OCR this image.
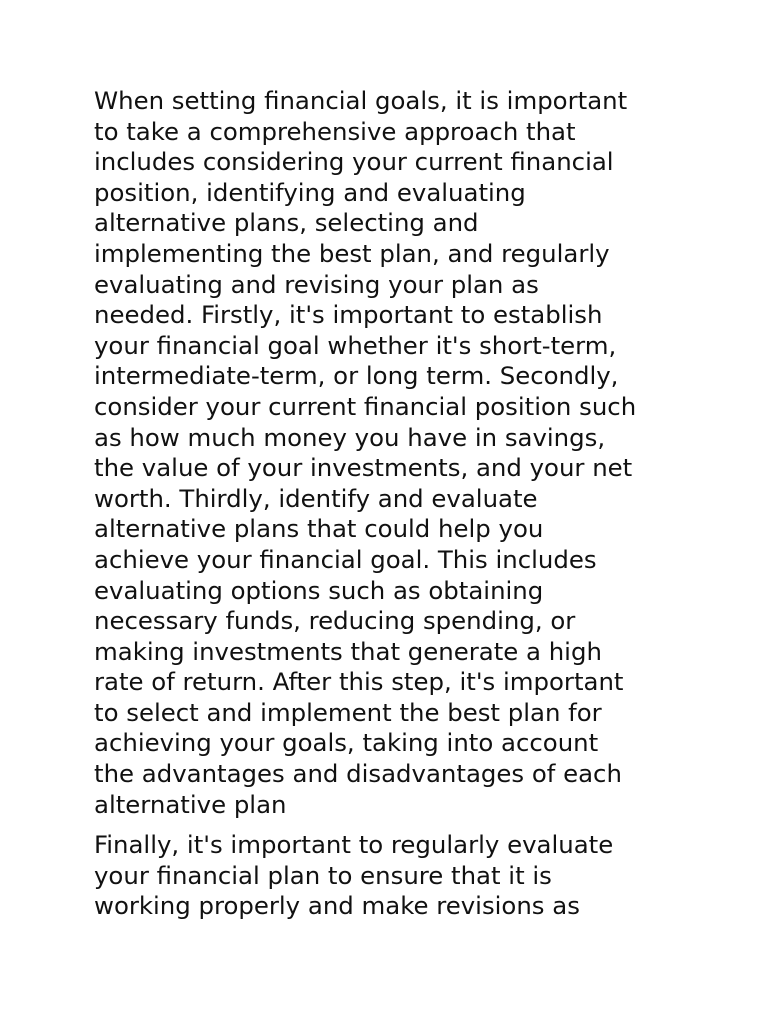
When setting financial goals, it is important
to take a comprehensive approach that
includes considering your current financial
position, identifying and evaluating
alternative plans, selecting and
implementing the best plan, and regularly
evaluating and revising your plan as
needed. Firstly, it's important to establish
your financial goal whether it's short-term,
intermediate-term, or long term. Secondly,
consider your current financial position such
as how much money you have in savings,
the value of your investments, and your net
worth. Thirdly, identify and evaluate
alternative plans that could help you
achieve your financial goal. This includes
evaluating options such as obtaining
necessary funds, reducing spending, or
making investments that generate a high
rate of return. After this step, it's important
to select and implement the best plan for
achieving your goals, taking into account
the advantages and disadvantages of each
alternative plan
Finally, it's important to regularly evaluate
your financial plan to ensure that it is
working properly and make revisions as
